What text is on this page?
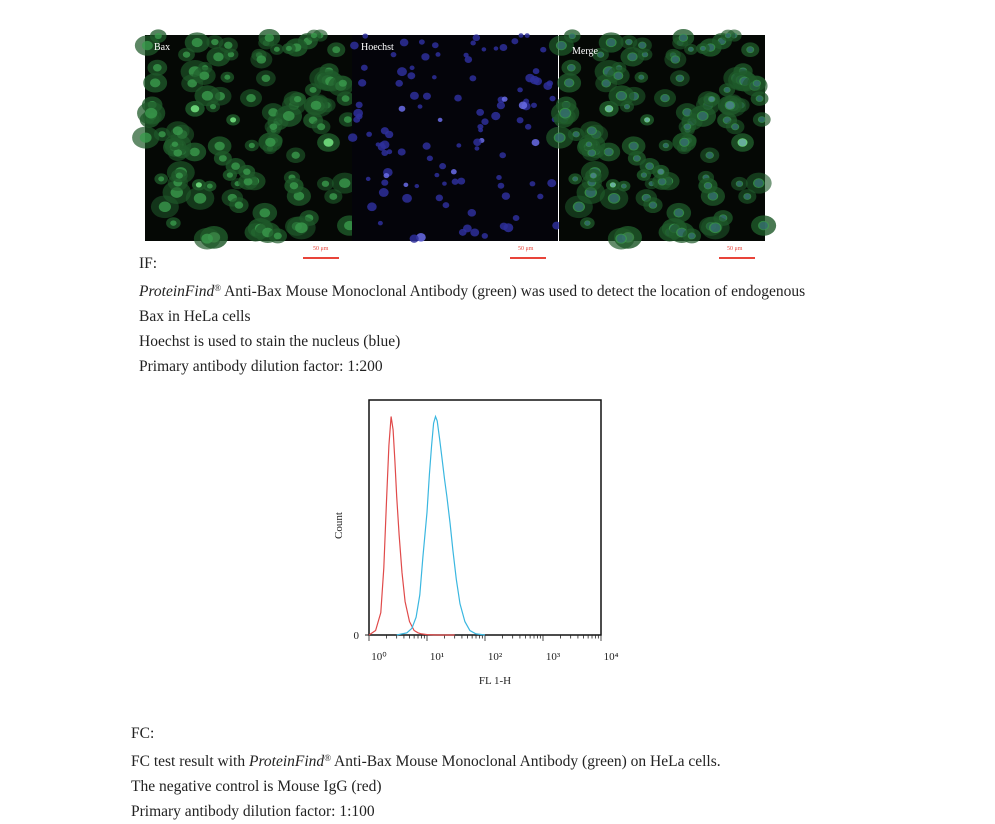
Bax
50 μm
Hoechst
50 μm
Merge
50 μm

IF:

ProteinFind® Anti-Bax Mouse Monoclonal Antibody (green) was used to detect the location of endogenous

Bax in HeLa cells

Hoechst is used to stain the nucleus (blue)

Primary antibody dilution factor: 1:200

10⁰	10¹	10²	10³	10⁴
0
FL 1-H
Count

FC:

FC test result with ProteinFind® Anti-Bax Mouse Monoclonal Antibody (green) on HeLa cells.

The negative control is Mouse IgG (red)

Primary antibody dilution factor: 1:100
